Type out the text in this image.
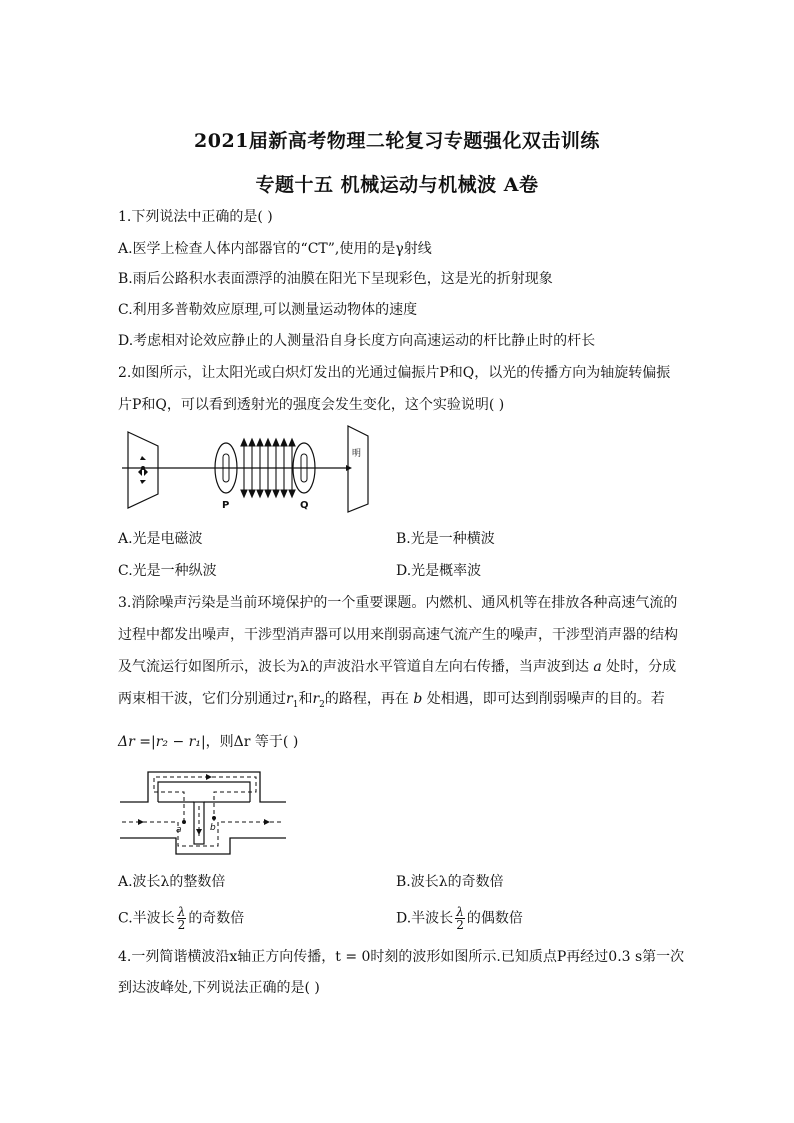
2021届新高考物理二轮复习专题强化双击训练
专题十五 机械运动与机械波 A卷
1.下列说法中正确的是( )
A.医学上检查人体内部器官的“CT”,使用的是γ射线
B.雨后公路积水表面漂浮的油膜在阳光下呈现彩色，这是光的折射现象
C.利用多普勒效应原理,可以测量运动物体的速度
D.考虑相对论效应静止的人测量沿自身长度方向高速运动的杆比静止时的杆长
2.如图所示，让太阳光或白炽灯发出的光通过偏振片P和Q，以光的传播方向为轴旋转偏振
片P和Q，可以看到透射光的强度会发生变化，这个实验说明( )
明
P	Q
A.光是电磁波	B.光是一种横波
C.光是一种纵波	D.光是概率波
3.消除噪声污染是当前环境保护的一个重要课题。内燃机、通风机等在排放各种高速气流的
过程中都发出噪声，干涉型消声器可以用来削弱高速气流产生的噪声，干涉型消声器的结构
及气流运行如图所示，波长为λ的声波沿水平管道自左向右传播，当声波到达 a 处时，分成
两束相干波，它们分别通过$r_1$和$r_2$的路程，再在 b 处相遇，即可达到削弱噪声的目的。若
Δr =|r₂ − r₁|，则Δr 等于( )
a	b
A.波长λ的整数倍	B.波长λ的奇数倍
C.半波长 $\frac{\lambda}{2}$ 的奇数倍	D.半波长 $\frac{\lambda}{2}$ 的偶数倍
4.一列简谐横波沿x轴正方向传播，t = 0时刻的波形如图所示.已知质点P再经过0.3 s第一次
到达波峰处,下列说法正确的是( )
